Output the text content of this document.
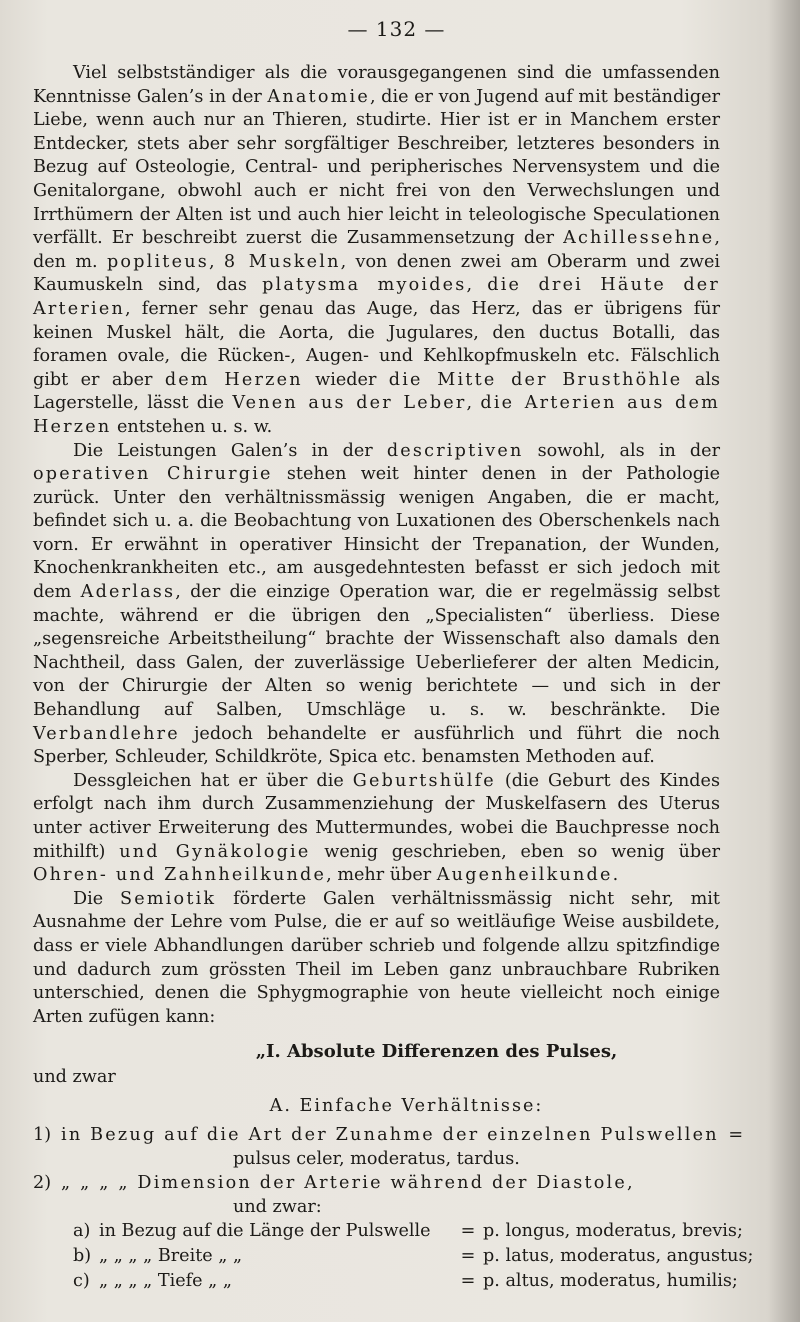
— 132 —

Viel selbstständiger als die vorausgegangenen sind die umfassenden Kenntnisse Galen’s in der Anatomie, die er von Jugend auf mit beständiger Liebe, wenn auch nur an Thieren, studirte. Hier ist er in Manchem erster Entdecker, stets aber sehr sorgfältiger Beschreiber, letzteres besonders in Bezug auf Osteologie, Central- und peripherisches Nervensystem und die Genitalorgane, obwohl auch er nicht frei von den Verwechslungen und Irrthümern der Alten ist und auch hier leicht in teleologische Speculationen verfällt. Er beschreibt zuerst die Zusammensetzung der Achillessehne, den m. popliteus, 8 Muskeln, von denen zwei am Oberarm und zwei Kaumuskeln sind, das platysma myoides, die drei Häute der Arterien, ferner sehr genau das Auge, das Herz, das er übrigens für keinen Muskel hält, die Aorta, die Jugulares, den ductus Botalli, das foramen ovale, die Rücken-, Augen- und Kehlkopfmuskeln etc. Fälschlich gibt er aber dem Herzen wieder die Mitte der Brusthöhle als Lagerstelle, lässt die Venen aus der Leber, die Arterien aus dem Herzen entstehen u. s. w.

Die Leistungen Galen’s in der descriptiven sowohl, als in der operativen Chirurgie stehen weit hinter denen in der Pathologie zurück. Unter den verhältnissmässig wenigen Angaben, die er macht, befindet sich u. a. die Beobachtung von Luxationen des Oberschenkels nach vorn. Er erwähnt in operativer Hinsicht der Trepanation, der Wunden, Knochenkrankheiten etc., am ausgedehntesten befasst er sich jedoch mit dem Aderlass, der die einzige Operation war, die er regelmässig selbst machte, während er die übrigen den „Specialisten“ überliess. Diese „segensreiche Arbeitstheilung“ brachte der Wissenschaft also damals den Nachtheil, dass Galen, der zuverlässige Ueberlieferer der alten Medicin, von der Chirurgie der Alten so wenig berichtete — und sich in der Behandlung auf Salben, Umschläge u. s. w. beschränkte. Die Verbandlehre jedoch behandelte er ausführlich und führt die noch Sperber, Schleuder, Schildkröte, Spica etc. benamsten Methoden auf.

Dessgleichen hat er über die Geburtshülfe (die Geburt des Kindes erfolgt nach ihm durch Zusammenziehung der Muskelfasern des Uterus unter activer Erweiterung des Muttermundes, wobei die Bauchpresse noch mithilft) und Gynäkologie wenig geschrieben, eben so wenig über Ohren- und Zahnheilkunde, mehr über Augenheilkunde.

Die Semiotik förderte Galen verhältnissmässig nicht sehr, mit Ausnahme der Lehre vom Pulse, die er auf so weitläufige Weise ausbildete, dass er viele Abhandlungen darüber schrieb und folgende allzu spitzfindige und dadurch zum grössten Theil im Leben ganz unbrauchbare Rubriken unterschied, denen die Sphygmographie von heute vielleicht noch einige Arten zufügen kann:

„I. Absolute Differenzen des Pulses,

und zwar

A. Einfache Verhältnisse:
1) in Bezug auf die Art der Zunahme der einzelnen Pulswellen =
pulsus celer, moderatus, tardus.
2) „ „ „ „ Dimension der Arterie während der Diastole,
und zwar:
a) in Bezug auf die Länge der Pulswelle	= p. longus, moderatus, brevis;
b) „ „ „ „ Breite „ „	= p. latus, moderatus, angustus;
c) „ „ „ „ Tiefe „ „	= p. altus, moderatus, humilis;
